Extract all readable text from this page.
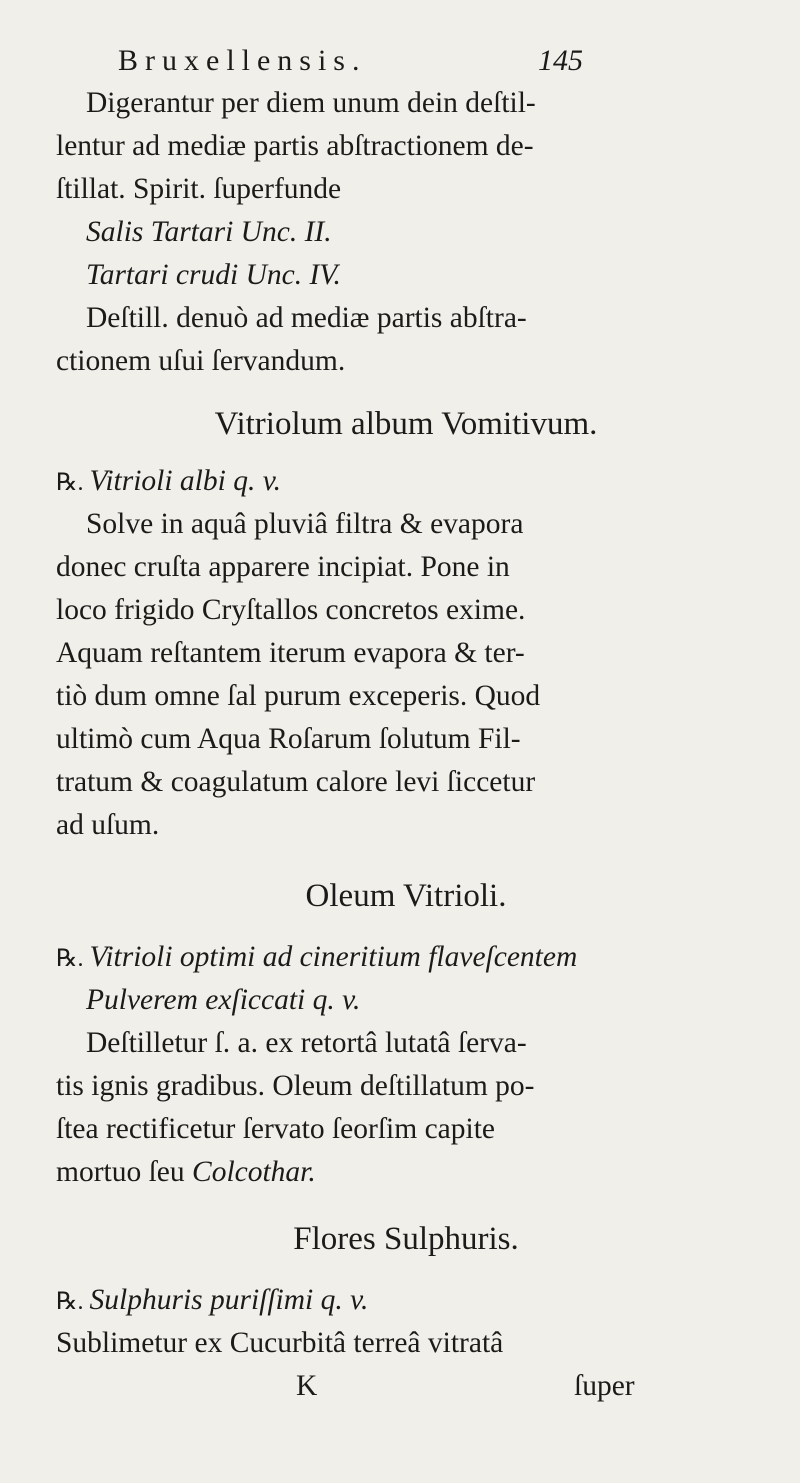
Bruxellensis.	145
Digerantur per diem unum dein deſtil-
lentur ad mediæ partis abſtractionem de-
ſtillat. Spirit. ſuperfunde
Salis Tartari Unc. II.
Tartari crudi Unc. IV.
Deſtill. denuò ad mediæ partis abſtra-
ctionem uſui ſervandum.
Vitriolum album Vomitivum.
℞. Vitrioli albi q. v.
Solve in aquâ pluviâ filtra & evapora
donec cruſta apparere incipiat. Pone in
loco frigido Cryſtallos concretos exime.
Aquam reſtantem iterum evapora & ter-
tiò dum omne ſal purum exceperis. Quod
ultimò cum Aqua Roſarum ſolutum Fil-
tratum & coagulatum calore levi ſiccetur
ad uſum.
Oleum Vitrioli.
℞. Vitrioli optimi ad cineritium flaveſcentem
Pulverem exſiccati q. v.
Deſtilletur ſ. a. ex retortâ lutatâ ſerva-
tis ignis gradibus. Oleum deſtillatum po-
ſtea rectificetur ſervato ſeorſim capite
mortuo ſeu Colcothar.
Flores Sulphuris.
℞. Sulphuris puriſſimi q. v.
Sublimetur ex Cucurbitâ terreâ vitratâ
K	ſuper
